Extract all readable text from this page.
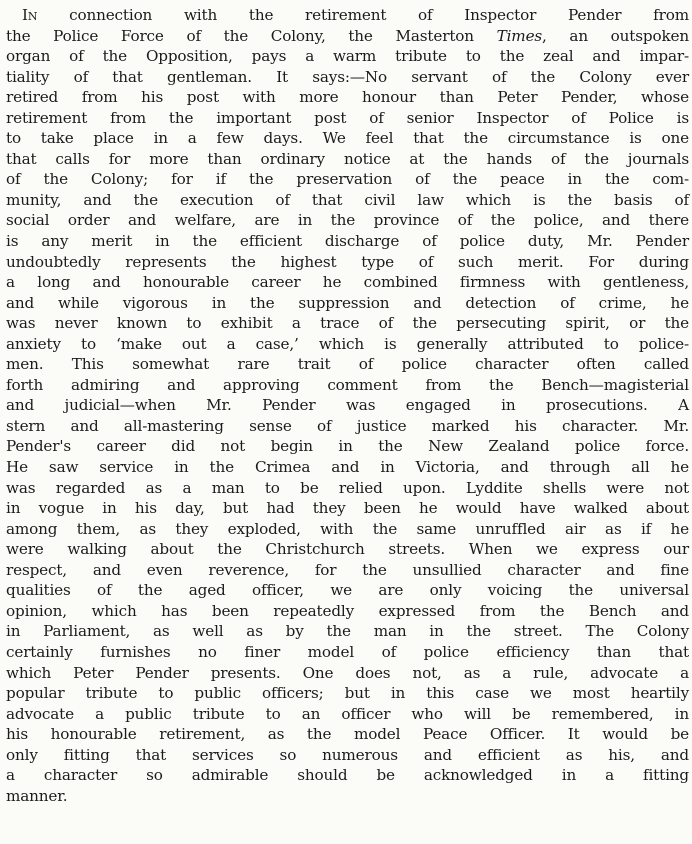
In connection with the retirement of Inspector Pender from
the Police Force of the Colony, the Masterton Times, an outspoken
organ of the Opposition, pays a warm tribute to the zeal and impar-
tiality of that gentleman. It says:—No servant of the Colony ever
retired from his post with more honour than Peter Pender, whose
retirement from the important post of senior Inspector of Police is
to take place in a few days. We feel that the circumstance is one
that calls for more than ordinary notice at the hands of the journals
of the Colony; for if the preservation of the peace in the com-
munity, and the execution of that civil law which is the basis of
social order and welfare, are in the province of the police, and there
is any merit in the efficient discharge of police duty, Mr. Pender
undoubtedly represents the highest type of such merit. For during
a long and honourable career he combined firmness with gentleness,
and while vigorous in the suppression and detection of crime, he
was never known to exhibit a trace of the persecuting spirit, or the
anxiety to ‘make out a case,’ which is generally attributed to police-
men. This somewhat rare trait of police character often called
forth admiring and approving comment from the Bench—magisterial
and judicial—when Mr. Pender was engaged in prosecutions. A
stern and all-mastering sense of justice marked his character. Mr.
Pender's career did not begin in the New Zealand police force.
He saw service in the Crimea and in Victoria, and through all he
was regarded as a man to be relied upon. Lyddite shells were not
in vogue in his day, but had they been he would have walked about
among them, as they exploded, with the same unruffled air as if he
were walking about the Christchurch streets. When we express our
respect, and even reverence, for the unsullied character and fine
qualities of the aged officer, we are only voicing the universal
opinion, which has been repeatedly expressed from the Bench and
in Parliament, as well as by the man in the street. The Colony
certainly furnishes no finer model of police efficiency than that
which Peter Pender presents. One does not, as a rule, advocate a
popular tribute to public officers; but in this case we most heartily
advocate a public tribute to an officer who will be remembered, in
his honourable retirement, as the model Peace Officer. It would be
only fitting that services so numerous and efficient as his, and
a character so admirable should be acknowledged in a fitting
manner.
